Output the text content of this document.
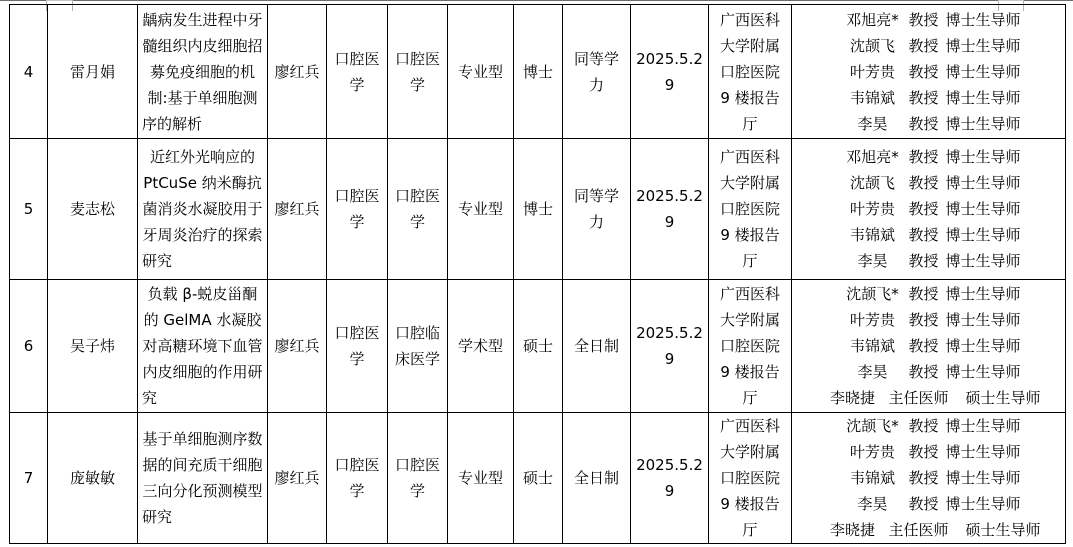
4	雷月娟	龋病发生进程中牙髓组织内皮细胞招募免疫细胞的机制:基于单细胞测序的解析	廖红兵	口腔医学	口腔医学	专业型	博士	同等学力	2025.5.29	广西医科大学附属口腔医院 9 楼报告厅	邓旭亮* 教授 博士生导师
沈颉飞 教授 博士生导师
叶芳贵 教授 博士生导师
韦锦斌 教授 博士生导师
李昊 教授 博士生导师

5	麦志松	近红外光响应的 PtCuSe 纳米酶抗菌消炎水凝胶用于牙周炎治疗的探索研究	廖红兵	口腔医学	口腔医学	专业型	博士	同等学力	2025.5.29	广西医科大学附属口腔医院 9 楼报告厅	邓旭亮* 教授 博士生导师
沈颉飞 教授 博士生导师
叶芳贵 教授 博士生导师
韦锦斌 教授 博士生导师
李昊 教授 博士生导师

6	吴子炜	负载 β-蜕皮甾酮的 GelMA 水凝胶对高糖环境下血管内皮细胞的作用研究	廖红兵	口腔医学	口腔临床医学	学术型	硕士	全日制	2025.5.29	广西医科大学附属口腔医院 9 楼报告厅	沈颉飞* 教授 博士生导师
叶芳贵 教授 博士生导师
韦锦斌 教授 博士生导师
李昊 教授 博士生导师
李晓捷 主任医师 硕士生导师

7	庞敏敏	基于单细胞测序数据的间充质干细胞三向分化预测模型研究	廖红兵	口腔医学	口腔医学	专业型	硕士	全日制	2025.5.29	广西医科大学附属口腔医院 9 楼报告厅	沈颉飞* 教授 博士生导师
叶芳贵 教授 博士生导师
韦锦斌 教授 博士生导师
李昊 教授 博士生导师
李晓捷 主任医师 硕士生导师
